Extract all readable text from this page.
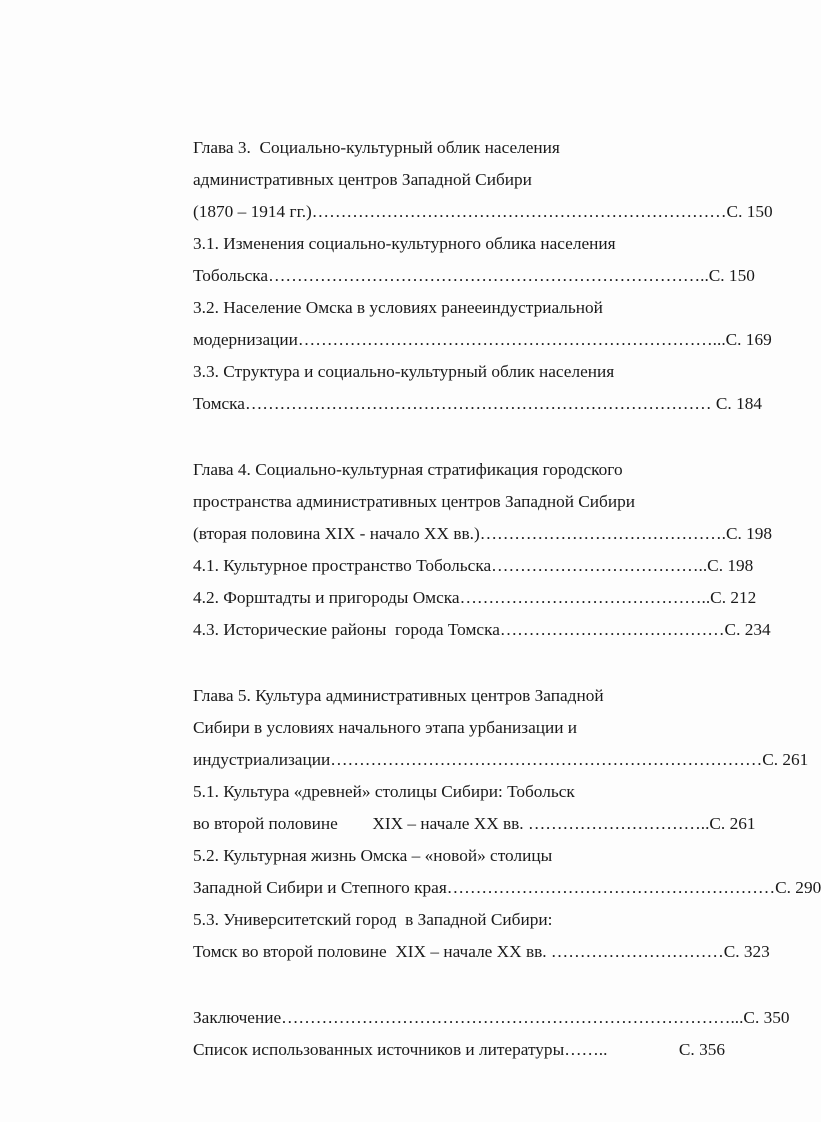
Глава 3.  Социально-культурный облик населения
административных центров Западной Сибири
(1870 – 1914 гг.) ……………………………………………………………… С. 150
3.1. Изменения социально-культурного облика населения
Тобольска ………………………………………………………………….. С. 150
3.2. Население Омска в условиях ранееиндустриальной
модернизации ………………………………………………………………... С. 169
3.3. Структура и социально-культурный облик населения
Томска ……………………………………………………………………… С. 184
Глава 4. Социально-культурная стратификация городского
пространства административных центров Западной Сибири
(вторая половина XIX - начало XX вв.) ……………………………………. С. 198
4.1. Культурное пространство Тобольска ……………………………….. С. 198
4.2. Форштадты и пригороды Омска …………………………………….. С. 212
4.3. Исторические районы  города Томска ………………………………… С. 234
Глава 5. Культура административных центров Западной
Сибири в условиях начального этапа урбанизации и
индустриализации ………………………………………………………………… С. 261
5.1. Культура «древней» столицы Сибири: Тобольск
во второй половине        XIX – начале XX вв. ………………………….. С. 261
5.2. Культурная жизнь Омска – «новой» столицы
Западной Сибири и Степного края ………………………………………………… С. 290
5.3. Университетский город  в Западной Сибири:
Томск во второй половине  XIX – начале XX вв. ………………………… С. 323
Заключение ……………………………………………………………………... С. 350
Список использованных источников и литературы ……..	С. 356
